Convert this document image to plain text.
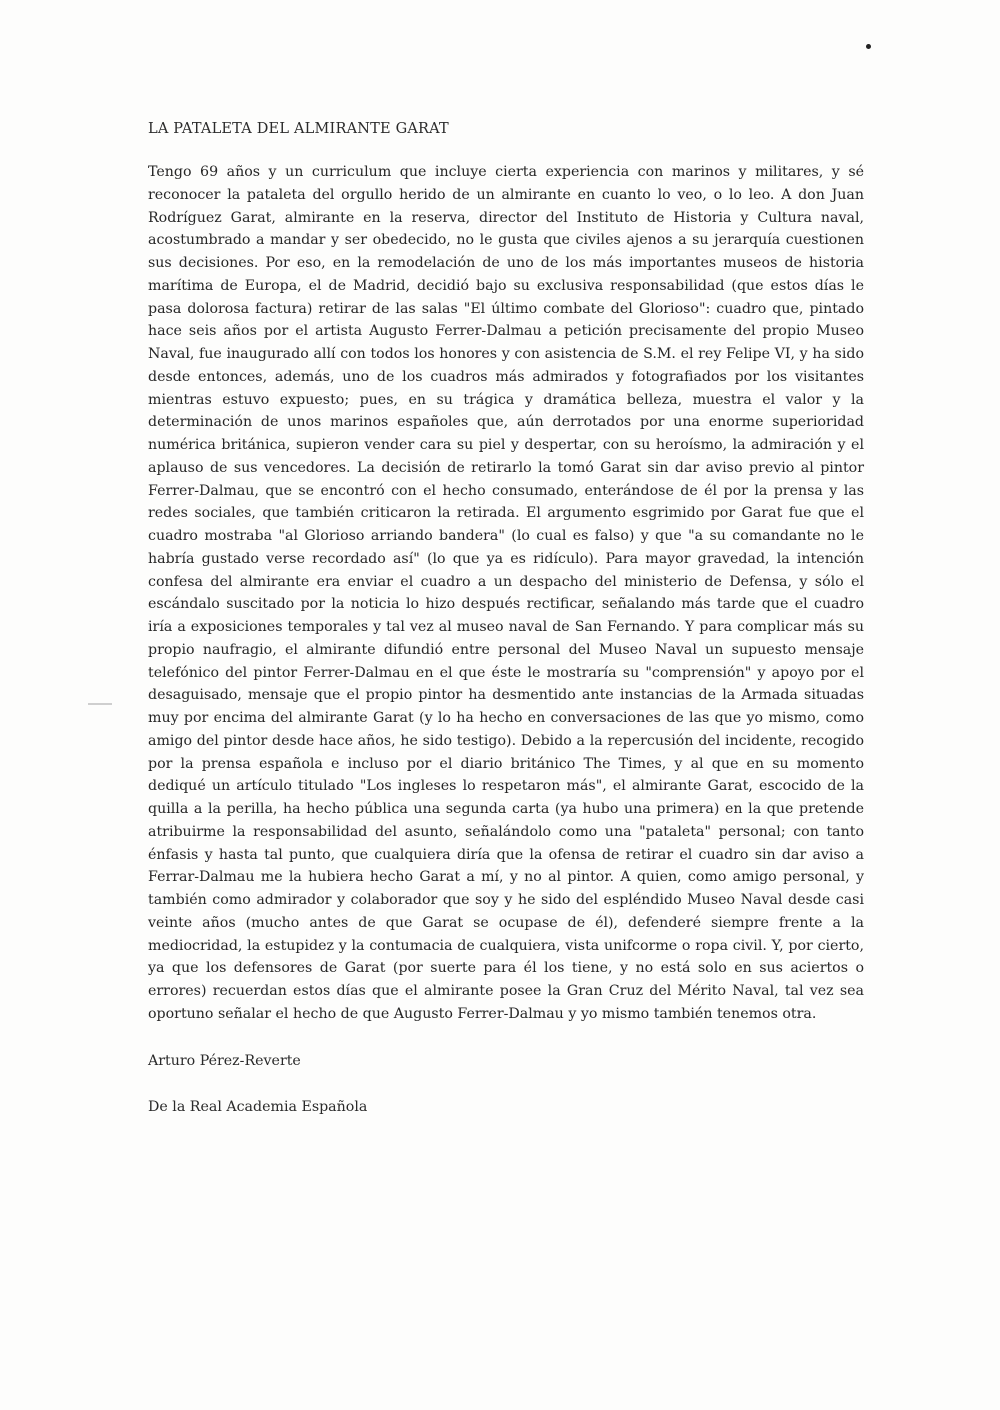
LA PATALETA DEL ALMIRANTE GARAT

Tengo 69 años y un curriculum que incluye cierta experiencia con marinos y militares, y sé reconocer la pataleta del orgullo herido de un almirante en cuanto lo veo, o lo leo. A don Juan Rodríguez Garat, almirante en la reserva, director del Instituto de Historia y Cultura naval, acostumbrado a mandar y ser obedecido, no le gusta que civiles ajenos a su jerarquía cuestionen sus decisiones. Por eso, en la remodelación de uno de los más importantes museos de historia marítima de Europa, el de Madrid, decidió bajo su exclusiva responsabilidad (que estos días le pasa dolorosa factura) retirar de las salas "El último combate del Glorioso": cuadro que, pintado hace seis años por el artista Augusto Ferrer-Dalmau a petición precisamente del propio Museo Naval, fue inaugurado allí con todos los honores y con asistencia de S.M. el rey Felipe VI, y ha sido desde entonces, además, uno de los cuadros más admirados y fotografiados por los visitantes mientras estuvo expuesto; pues, en su trágica y dramática belleza, muestra el valor y la determinación de unos marinos españoles que, aún derrotados por una enorme superioridad numérica británica, supieron vender cara su piel y despertar, con su heroísmo, la admiración y el aplauso de sus vencedores. La decisión de retirarlo la tomó Garat sin dar aviso previo al pintor Ferrer-Dalmau, que se encontró con el hecho consumado, enterándose de él por la prensa y las redes sociales, que también criticaron la retirada. El argumento esgrimido por Garat fue que el cuadro mostraba "al Glorioso arriando bandera" (lo cual es falso) y que "a su comandante no le habría gustado verse recordado así" (lo que ya es ridículo). Para mayor gravedad, la intención confesa del almirante era enviar el cuadro a un despacho del ministerio de Defensa, y sólo el escándalo suscitado por la noticia lo hizo después rectificar, señalando más tarde que el cuadro iría a exposiciones temporales y tal vez al museo naval de San Fernando. Y para complicar más su propio naufragio, el almirante difundió entre personal del Museo Naval un supuesto mensaje telefónico del pintor Ferrer-Dalmau en el que éste le mostraría su "comprensión" y apoyo por el desaguisado, mensaje que el propio pintor ha desmentido ante instancias de la Armada situadas muy por encima del almirante Garat (y lo ha hecho en conversaciones de las que yo mismo, como amigo del pintor desde hace años, he sido testigo). Debido a la repercusión del incidente, recogido por la prensa española e incluso por el diario británico The Times, y al que en su momento dediqué un artículo titulado "Los ingleses lo respetaron más", el almirante Garat, escocido de la quilla a la perilla, ha hecho pública una segunda carta (ya hubo una primera) en la que pretende atribuirme la responsabilidad del asunto, señalándolo como una "pataleta" personal; con tanto énfasis y hasta tal punto, que cualquiera diría que la ofensa de retirar el cuadro sin dar aviso a Ferrar-Dalmau me la hubiera hecho Garat a mí, y no al pintor. A quien, como amigo personal, y también como admirador y colaborador que soy y he sido del espléndido Museo Naval desde casi veinte años (mucho antes de que Garat se ocupase de él), defenderé siempre frente a la mediocridad, la estupidez y la contumacia de cualquiera, vista unifcorme o ropa civil. Y, por cierto, ya que los defensores de Garat (por suerte para él los tiene, y no está solo en sus aciertos o errores) recuerdan estos días que el almirante posee la Gran Cruz del Mérito Naval, tal vez sea oportuno señalar el hecho de que Augusto Ferrer-Dalmau y yo mismo también tenemos otra.

Arturo Pérez-Reverte

De la Real Academia Española
